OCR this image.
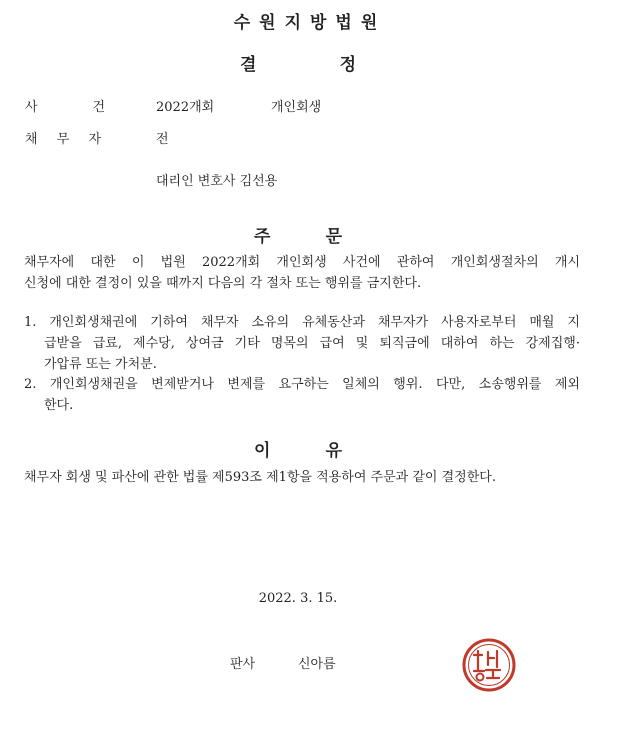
수원지방법원
결	정
사	건	2022개회	개인회생
채 무 자	전
대리인 변호사 김선용
주	문
채무자에 대한 이 법원 2022개회 개인회생 사건에 관하여 개인회생절차의 개시
신청에 대한 결정이 있을 때까지 다음의 각 절차 또는 행위를 금지한다.
1. 개인회생채권에 기하여 채무자 소유의 유체동산과 채무자가 사용자로부터 매월 지
급받을 급료, 제수당, 상여금 기타 명목의 급여 및 퇴직금에 대하여 하는 강제집행·
가압류 또는 가처분.
2. 개인회생채권을 변제받거나 변제를 요구하는 일체의 행위. 다만, 소송행위를 제외
한다.
이	유
채무자 회생 및 파산에 관한 법률 제593조 제1항을 적용하여 주문과 같이 결정한다.
2022. 3. 15.
판사	신아름
